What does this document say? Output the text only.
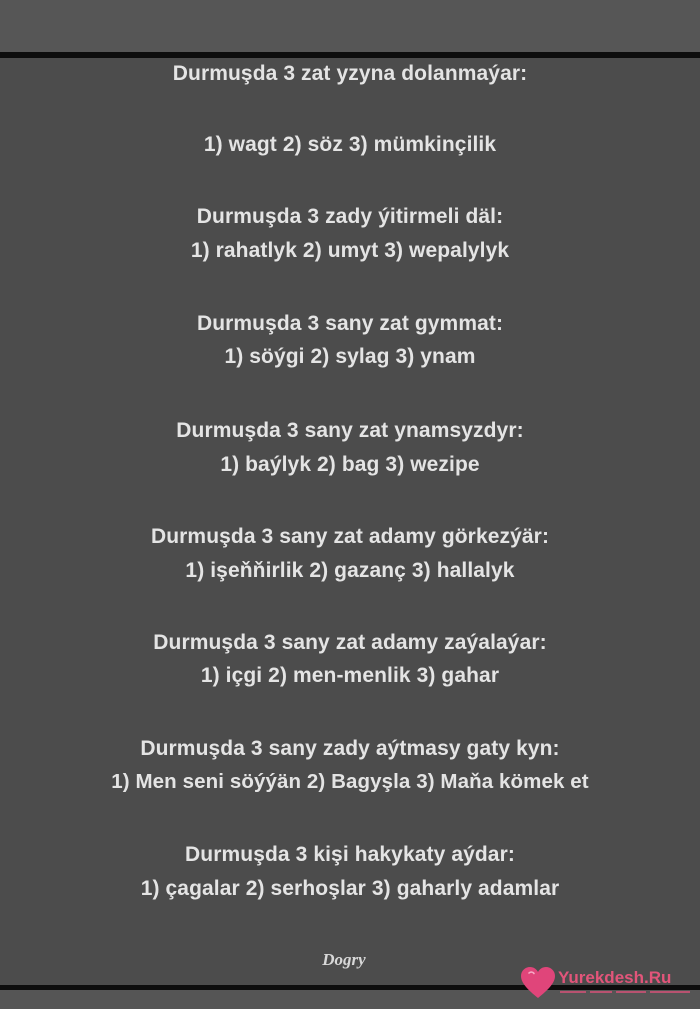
Durmuşda 3 zat yzyna dolanmaýar:
1) wagt 2) söz 3) mümkinçilik
Durmuşda 3 zady ýitirmeli däl:
1) rahatlyk 2) umyt 3) wepalylyk
Durmuşda 3 sany zat gymmat:
1) söýgi 2) sylag 3) ynam
Durmuşda 3 sany zat ynamsyzdyr:
1) baýlyk 2) bag 3) wezipe
Durmuşda 3 sany zat adamy görkezýär:
1) işeňňirlik 2) gazanç 3) hallalyk
Durmuşda 3 sany zat adamy zaýalaýar:
1) içgi 2) men-menlik 3) gahar
Durmuşda 3 sany zady aýtmasy gaty kyn:
1) Men seni söýýän 2) Bagyşla 3) Maňa kömek et
Durmuşda 3 kişi hakykaty aýdar:
1) çagalar 2) serhoşlar 3) gaharly adamlar
Dogry
Yurekdesh.Ru
